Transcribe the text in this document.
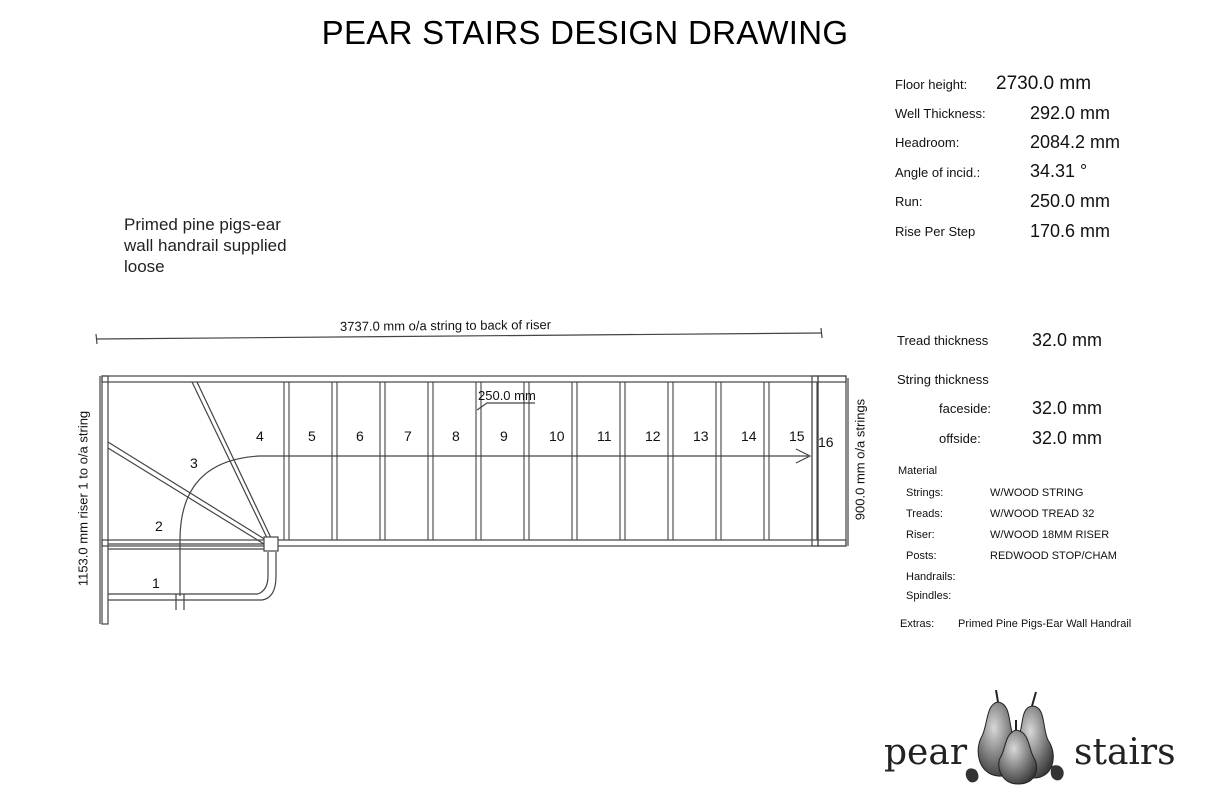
PEAR STAIRS DESIGN DRAWING
Primed pine pigs-ear
wall handrail supplied
loose
3737.0 mm o/a string to back of riser
250.0 mm
1153.0 mm riser 1 to o/a string	900.0 mm o/a strings
1
2
3
4	5	6	7	8	9	10 11 12 13 14 15 16
Floor height: 2730.0 mm
Well Thickness: 292.0 mm
Headroom:	2084.2 mm
Angle of incid.:	34.31 °
Run:	250.0 mm
Rise Per Step	170.6 mm
Tread thickness 32.0 mm
String thickness
faceside: 32.0 mm
offside:	32.0 mm
Material
Strings:	W/WOOD STRING
Treads:	W/WOOD TREAD 32
Riser:	W/WOOD 18MM RISER
Posts:	REDWOOD STOP/CHAM
Handrails:
Spindles:
Extras: Primed Pine Pigs-Ear Wall Handrail
pear	stairs
